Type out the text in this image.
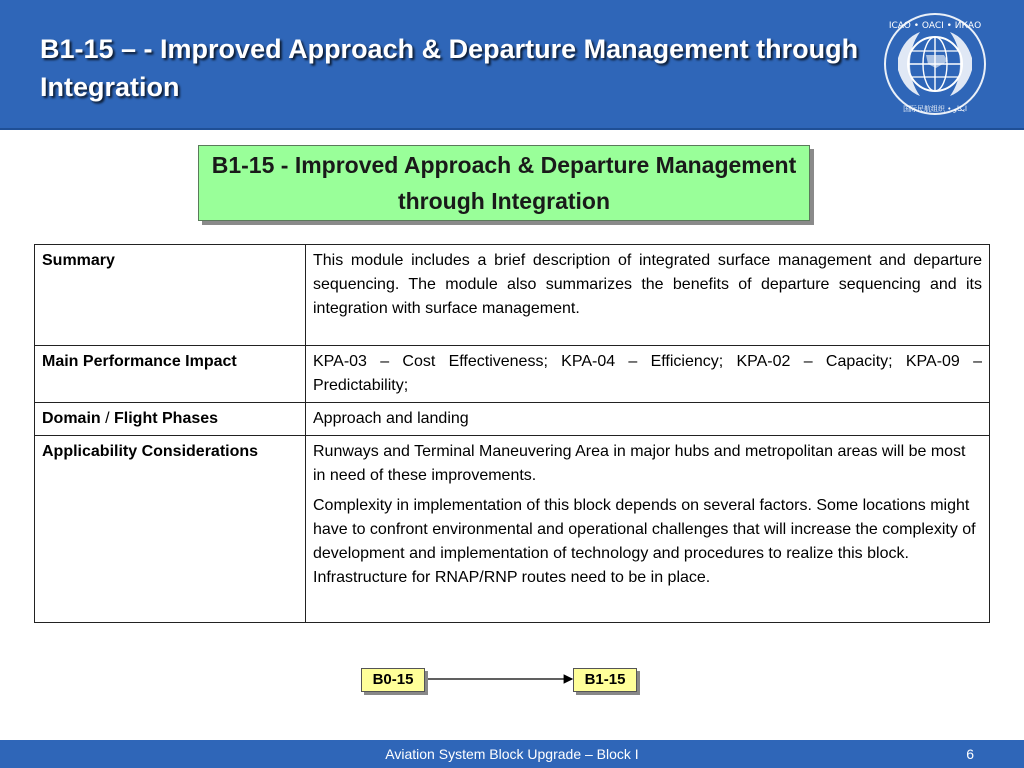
B1-15 – - Improved Approach & Departure Management through Integration
ICAO • OACI • ИКАО
国际民航组织 • ايكاو
B1-15 - Improved Approach & Departure Management through Integration
Summary	This module includes a brief description of integrated surface management and departure sequencing. The module also summarizes the benefits of departure sequencing and its integration with surface management.
Main Performance Impact	KPA-03 – Cost Effectiveness; KPA-04 – Efficiency; KPA-02 – Capacity; KPA-09 – Predictability;
Domain / Flight Phases	Approach and landing
Applicability Considerations	Runways and Terminal Maneuvering Area in major hubs and metropolitan areas will be most in need of these improvements.
Complexity in implementation of this block depends on several factors. Some locations might have to confront environmental and operational challenges that will increase the complexity of development and implementation of technology and procedures to realize this block. Infrastructure for RNAP/RNP routes need to be in place.
B0-15	B1-15
Aviation System Block Upgrade – Block I	6
